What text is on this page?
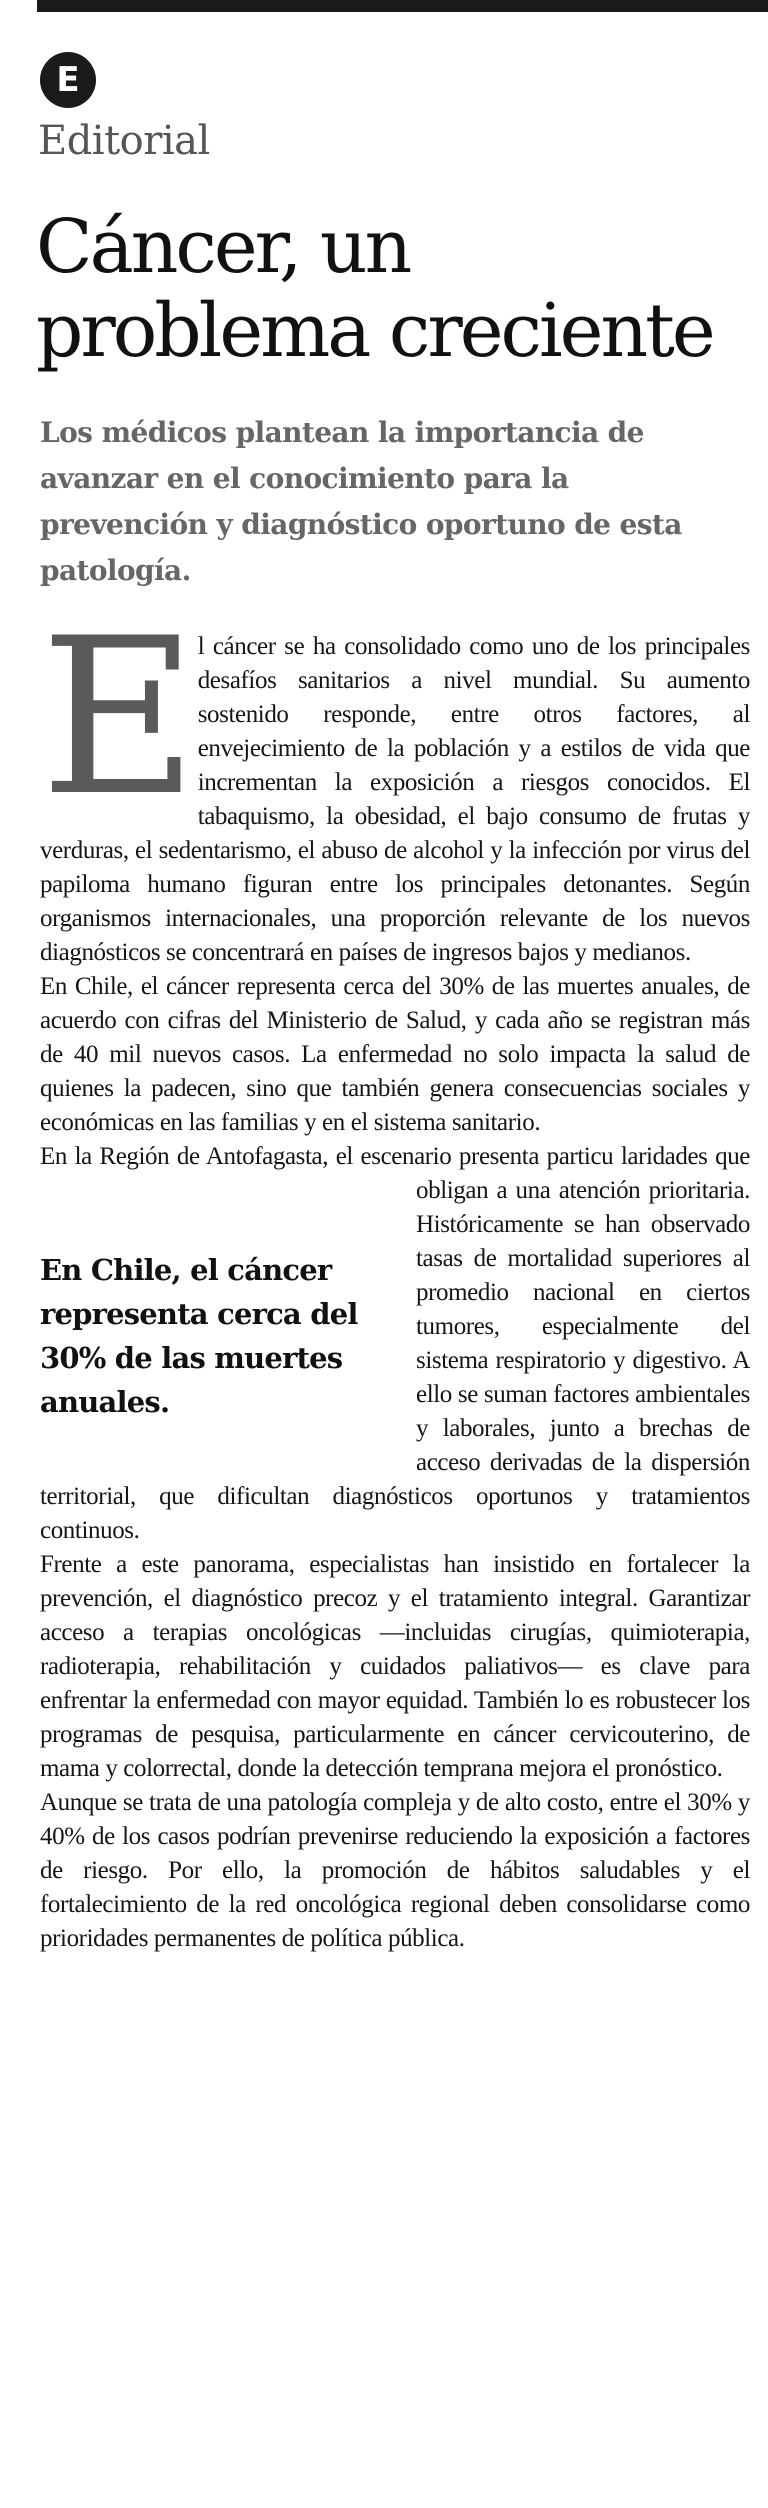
E
Editorial
Cáncer, un
problema creciente
Los médicos plantean la importancia de avanzar en el conocimiento para la prevención y diagnóstico oportuno de esta patología.

El cáncer se ha consolidado como uno de los principales desafíos sanitarios a nivel mundial. Su aumento sostenido responde, entre otros factores, al envejecimiento de la población y a estilos de vida que incrementan la exposición a riesgos conocidos. El tabaquismo, la obesidad, el bajo consumo de frutas y verduras, el sedentarismo, el abuso de alcohol y la infección por virus del papiloma humano figuran entre los principales detonantes. Según organismos internacionales, una proporción relevante de los nuevos diagnósticos se concentrará en países de ingresos bajos y medianos.

En Chile, el cáncer representa cerca del 30% de las muertes anuales, de acuerdo con cifras del Ministerio de Salud, y cada año se registran más de 40 mil nuevos casos. La enfermedad no solo impacta la salud de quienes la padecen, sino que también genera consecuencias sociales y económicas en las familias y en el sistema sanitario.

En la Región de Antofagasta, el escenario presenta particu
En Chile, el cáncer representa cerca del 30% de las muertes anuales.
laridades que obligan a una atención prioritaria. Históricamente se han observado tasas de mortalidad superiores al promedio nacional en ciertos tumores, especialmente del sistema respiratorio y digestivo. A ello se suman factores ambientales y laborales, junto a brechas de acceso derivadas de la dispersión territorial, que dificultan diagnósticos oportunos y tratamientos continuos.

Frente a este panorama, especialistas han insistido en fortalecer la prevención, el diagnóstico precoz y el tratamiento integral. Garantizar acceso a terapias oncológicas —incluidas cirugías, quimioterapia, radioterapia, rehabilitación y cuidados paliativos— es clave para enfrentar la enfermedad con mayor equidad. También lo es robustecer los programas de pesquisa, particularmente en cáncer cervicouterino, de mama y colorrectal, donde la detección temprana mejora el pronóstico.

Aunque se trata de una patología compleja y de alto costo, entre el 30% y 40% de los casos podrían prevenirse reduciendo la exposición a factores de riesgo. Por ello, la promoción de hábitos saludables y el fortalecimiento de la red oncológica regional deben consolidarse como prioridades permanentes de política pública.
